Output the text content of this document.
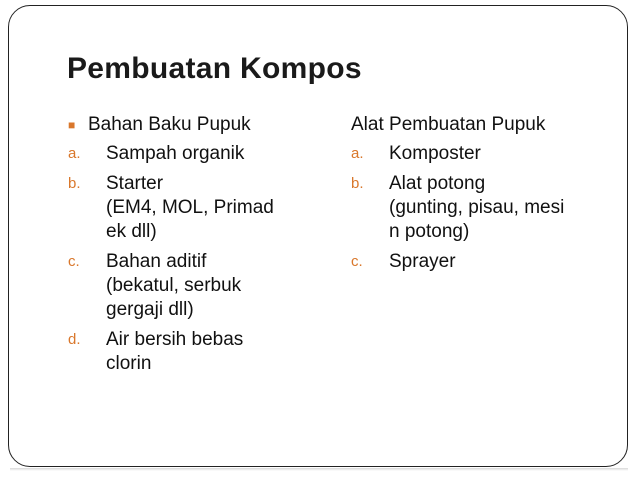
Pembuatan Kompos
■ Bahan Baku Pupuk
a.	Sampah organik
b.	Starter
(EM4, MOL, Primad
ek dll)
c.	Bahan aditif
(bekatul, serbuk
gergaji dll)
d.	Air bersih bebas
clorin
Alat Pembuatan Pupuk
a.	Komposter
b.	Alat potong
(gunting, pisau, mesi
n potong)
c.	Sprayer
